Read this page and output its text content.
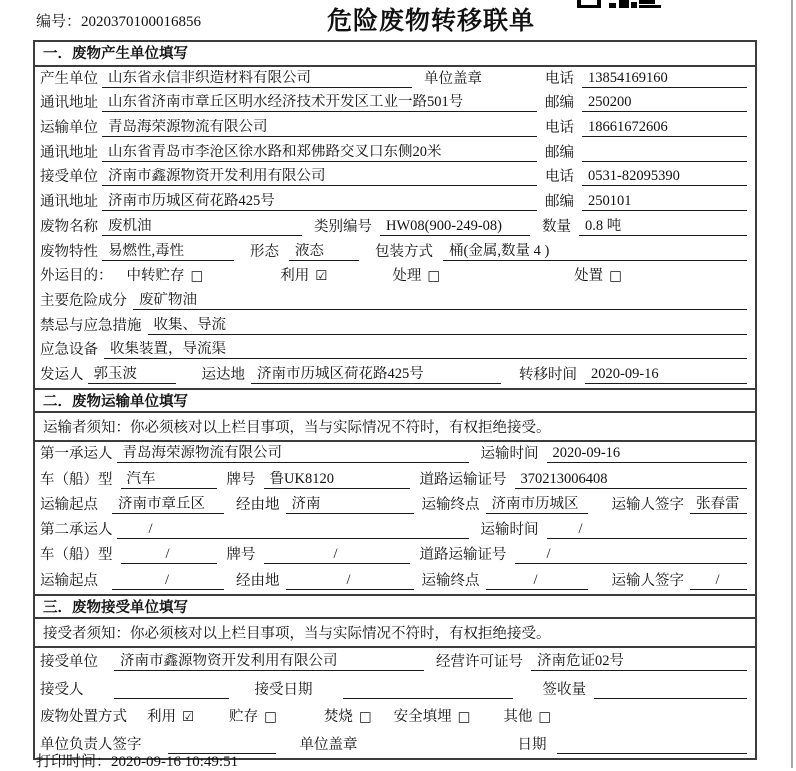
编号：2020370100016856	危险废物转移联单
一．废物产生单位填写
产生单位 山东省永信非织造材料有限公司	单位盖章	电话 13854169160
通讯地址 山东省济南市章丘区明水经济技术开发区工业一路501号	邮编 250200
运输单位 青岛海荣源物流有限公司	电话 18661672606
通讯地址 山东省青岛市李沧区徐水路和郑佛路交叉口东侧20米	邮编
接受单位 济南市鑫源物资开发利用有限公司	电话 0531-82095390
通讯地址 济南市历城区荷花路425号	邮编 250101
废物名称 废机油	类别编号 HW08(900-249-08)	数量 0.8 吨
废物特性 易燃性,毒性	形态	液态	包装方式	桶(金属,数量 4 )
外运目的： 中转贮存 □	利用 ☑	处理 □	处置 □
主要危险成分 废矿物油
禁忌与应急措施 收集、导流
应急设备 收集装置，导流渠
发运人 郭玉波	运达地 济南市历城区荷花路425号	转移时间 2020-09-16
二．废物运输单位填写
运输者须知：你必须核对以上栏目事项，当与实际情况不符时，有权拒绝接受。
第一承运人 青岛海荣源物流有限公司	运输时间 2020-09-16
车（船）型 汽车	牌号 鲁UK8120	道路运输证号 370213006408
运输起点	济南市章丘区	经由地 济南	运输终点 济南市历城区	运输人签字 张春雷
第二承运人	/	运输时间	/
车（船）型	/	牌号	/	道路运输证号	/
运输起点	/	经由地	/	运输终点	/	运输人签字	/
三．废物接受单位填写
接受者须知：你必须核对以上栏目事项，当与实际情况不符时，有权拒绝接受。
接受单位	济南市鑫源物资开发利用有限公司	经营许可证号 济南危证02号
接受人	接受日期	签收量
废物处置方式 利用 ☑ 贮存 □	焚烧 □ 安全填埋 □ 其他 □
单位负责人签字	单位盖章	日期
打印时间：2020-09-16 10:49:51
